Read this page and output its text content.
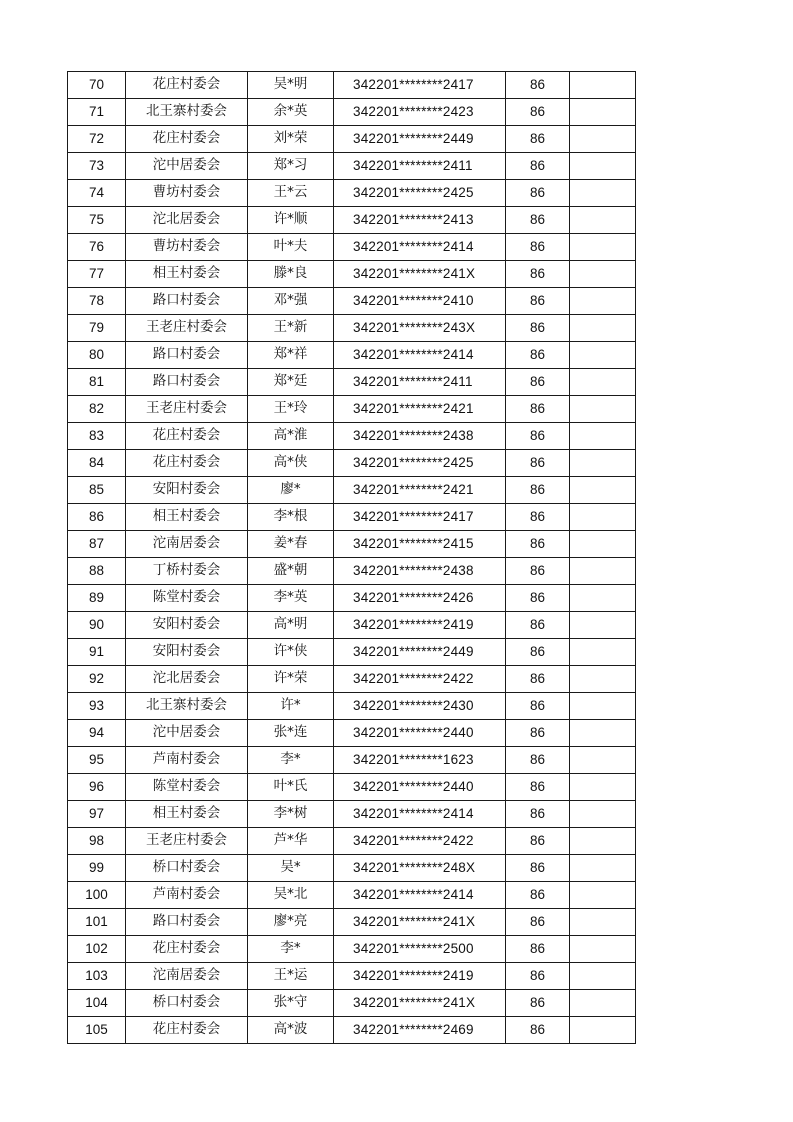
70	花庄村委会	吴*明	342201********2417	86	
71	北王寨村委会	余*英	342201********2423	86	
72	花庄村委会	刘*荣	342201********2449	86	
73	沱中居委会	郑*习	342201********2411	86	
74	曹坊村委会	王*云	342201********2425	86	
75	沱北居委会	许*顺	342201********2413	86	
76	曹坊村委会	叶*夫	342201********2414	86	
77	相王村委会	滕*良	342201********241X	86	
78	路口村委会	邓*强	342201********2410	86	
79	王老庄村委会	王*新	342201********243X	86	
80	路口村委会	郑*祥	342201********2414	86	
81	路口村委会	郑*廷	342201********2411	86	
82	王老庄村委会	王*玲	342201********2421	86	
83	花庄村委会	高*淮	342201********2438	86	
84	花庄村委会	高*侠	342201********2425	86	
85	安阳村委会	廖*	342201********2421	86	
86	相王村委会	李*根	342201********2417	86	
87	沱南居委会	姜*春	342201********2415	86	
88	丁桥村委会	盛*朝	342201********2438	86	
89	陈堂村委会	李*英	342201********2426	86	
90	安阳村委会	高*明	342201********2419	86	
91	安阳村委会	许*侠	342201********2449	86	
92	沱北居委会	许*荣	342201********2422	86	
93	北王寨村委会	许*	342201********2430	86	
94	沱中居委会	张*连	342201********2440	86	
95	芦南村委会	李*	342201********1623	86	
96	陈堂村委会	叶*氏	342201********2440	86	
97	相王村委会	李*树	342201********2414	86	
98	王老庄村委会	芦*华	342201********2422	86	
99	桥口村委会	吴*	342201********248X	86	
100	芦南村委会	吴*北	342201********2414	86	
101	路口村委会	廖*亮	342201********241X	86	
102	花庄村委会	李*	342201********2500	86	
103	沱南居委会	王*运	342201********2419	86	
104	桥口村委会	张*守	342201********241X	86	
105	花庄村委会	高*波	342201********2469	86	
